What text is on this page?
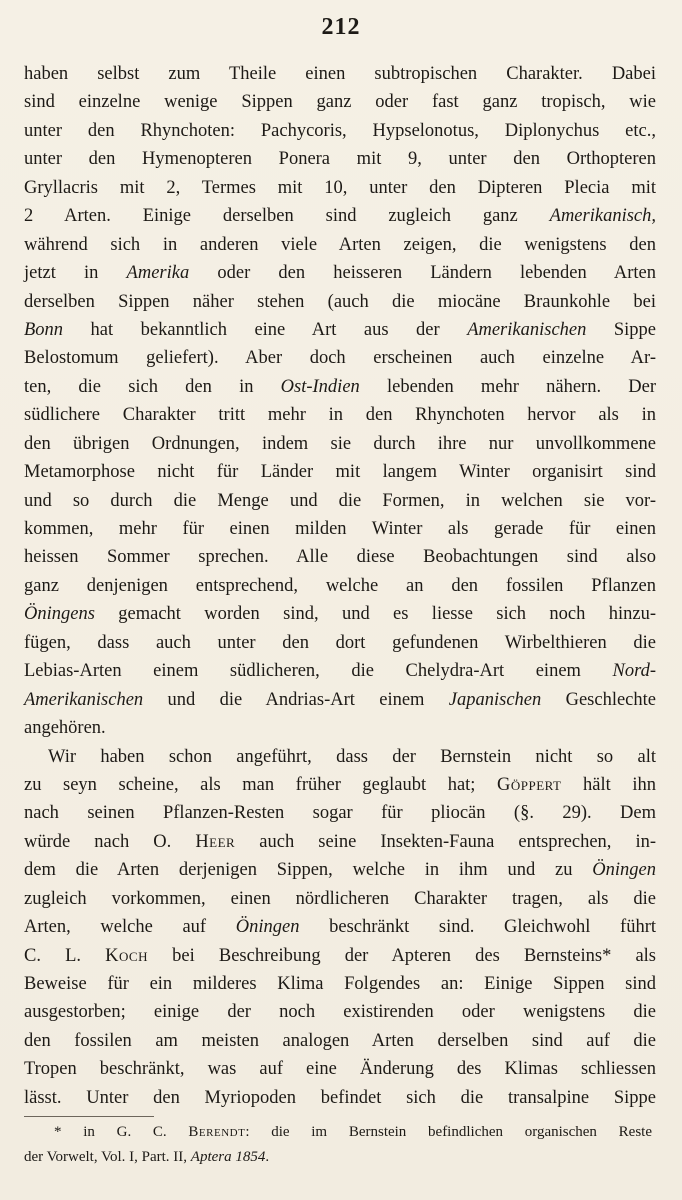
212
haben selbst zum Theile einen subtropischen Charakter. Dabei
sind einzelne wenige Sippen ganz oder fast ganz tropisch, wie
unter den Rhynchoten: Pachycoris, Hypselonotus, Diplonychus etc.,
unter den Hymenopteren Ponera mit 9, unter den Orthopteren
Gryllacris mit 2, Termes mit 10, unter den Dipteren Plecia mit
2 Arten. Einige derselben sind zugleich ganz Amerikanisch,
während sich in anderen viele Arten zeigen, die wenigstens den
jetzt in Amerika oder den heisseren Ländern lebenden Arten
derselben Sippen näher stehen (auch die miocäne Braunkohle bei
Bonn hat bekanntlich eine Art aus der Amerikanischen Sippe
Belostomum geliefert). Aber doch erscheinen auch einzelne Ar-
ten, die sich den in Ost-Indien lebenden mehr nähern. Der
südlichere Charakter tritt mehr in den Rhynchoten hervor als in
den übrigen Ordnungen, indem sie durch ihre nur unvollkommene
Metamorphose nicht für Länder mit langem Winter organisirt sind
und so durch die Menge und die Formen, in welchen sie vor-
kommen, mehr für einen milden Winter als gerade für einen
heissen Sommer sprechen. Alle diese Beobachtungen sind also
ganz denjenigen entsprechend, welche an den fossilen Pflanzen
Öningens gemacht worden sind, und es liesse sich noch hinzu-
fügen, dass auch unter den dort gefundenen Wirbelthieren die
Lebias-Arten einem südlicheren, die Chelydra-Art einem Nord-
Amerikanischen und die Andrias-Art einem Japanischen Geschlechte
angehören.
Wir haben schon angeführt, dass der Bernstein nicht so alt
zu seyn scheine, als man früher geglaubt hat; Göppert hält ihn
nach seinen Pflanzen-Resten sogar für pliocän (§. 29). Dem
würde nach O. Heer auch seine Insekten-Fauna entsprechen, in-
dem die Arten derjenigen Sippen, welche in ihm und zu Öningen
zugleich vorkommen, einen nördlicheren Charakter tragen, als die
Arten, welche auf Öningen beschränkt sind. Gleichwohl führt
C. L. Koch bei Beschreibung der Apteren des Bernsteins* als
Beweise für ein milderes Klima Folgendes an: Einige Sippen sind
ausgestorben; einige der noch existirenden oder wenigstens die
den fossilen am meisten analogen Arten derselben sind auf die
Tropen beschränkt, was auf eine Änderung des Klimas schliessen
lässt. Unter den Myriopoden befindet sich die transalpine Sippe
* in G. C. Berendt: die im Bernstein befindlichen organischen Reste
der Vorwelt, Vol. I, Part. II, Aptera 1854.
